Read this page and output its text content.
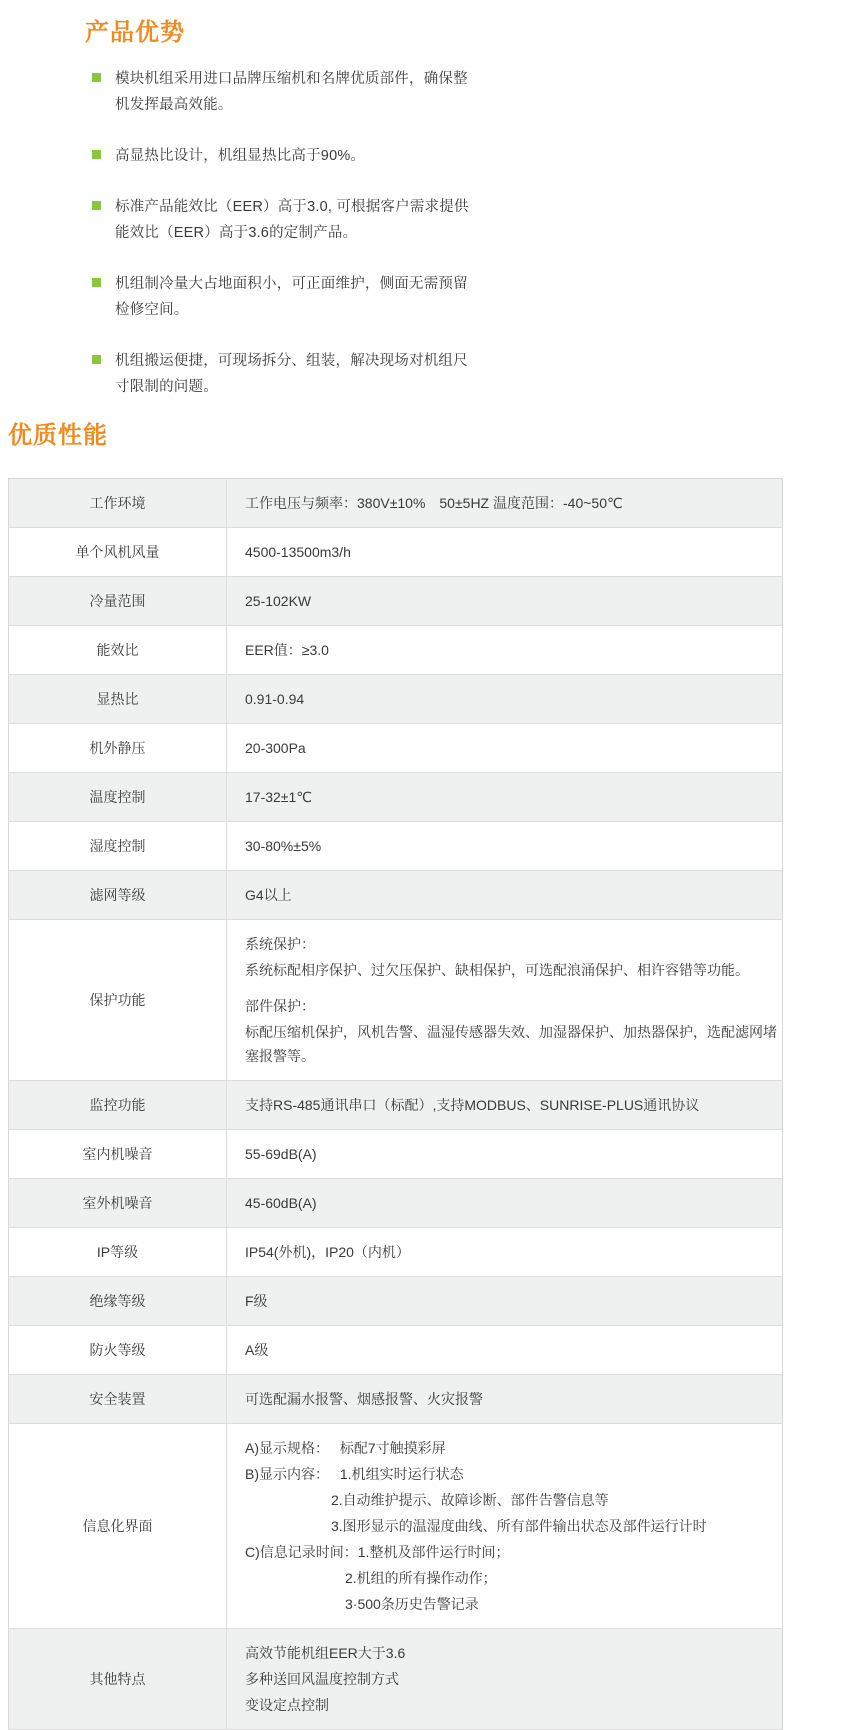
产品优势
模块机组采用进口品牌压缩机和名牌优质部件，确保整机发挥最高效能。
高显热比设计，机组显热比高于90%。
标准产品能效比（EER）高于3.0, 可根据客户需求提供能效比（EER）高于3.6的定制产品。
机组制冷量大占地面积小，可正面维护，侧面无需预留检修空间。
机组搬运便捷，可现场拆分、组装，解决现场对机组尺寸限制的问题。
优质性能
工作环境	工作电压与频率：380V±10%　50±5HZ 温度范围：-40~50℃
单个风机风量	4500-13500m3/h
冷量范围	25-102KW
能效比	EER值：≥3.0
显热比	0.91-0.94
机外静压	20-300Pa
温度控制	17-32±1℃
湿度控制	30-80%±5%
滤网等级	G4以上
保护功能	系统保护：

系统标配相序保护、过欠压保护、缺相保护，可选配浪涌保护、相许容错等功能。

部件保护：

标配压缩机保护，风机告警、温湿传感器失效、加湿器保护、加热器保护，选配滤网堵塞报警等。

监控功能	支持RS-485通讯串口（标配）,支持MODBUS、SUNRISE-PLUS通讯协议
室内机噪音	55-69dB(A)
室外机噪音	45-60dB(A)
IP等级	IP54(外机)，IP20（内机）
绝缘等级	F级
防火等级	A级
安全装置	可选配漏水报警、烟感报警、火灾报警
信息化界面	

A)显示规格：　 标配7寸触摸彩屏

B)显示内容：　 1.机组实时运行状态

2.自动维护提示、故障诊断、部件告警信息等

3.图形显示的温湿度曲线、所有部件输出状态及部件运行计时

C)信息记录时间：1.整机及部件运行时间；

2.机组的所有操作动作；

3·500条历史告警记录

其他特点	高效节能机组EER大于3.6

多种送回风温度控制方式

变设定点控制
